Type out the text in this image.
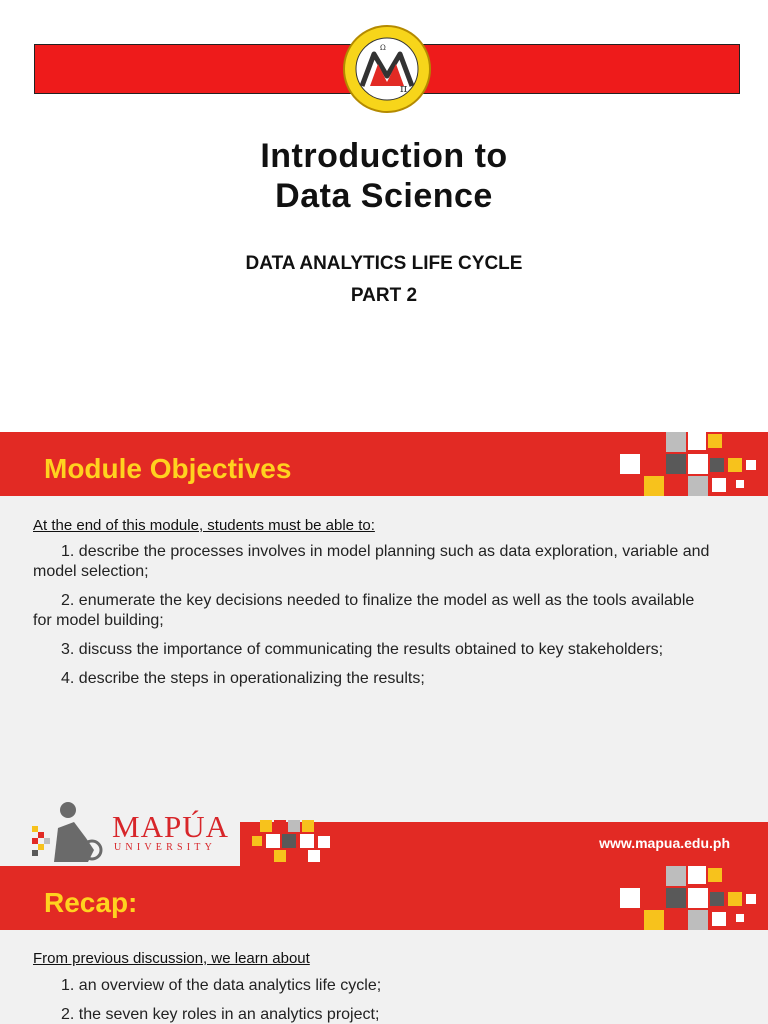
π
Ω
Introduction to
Data Science
DATA ANALYTICS LIFE CYCLE
PART 2
Module Objectives
At the end of this module, students must be able to:
1. describe the processes involves in model planning such as data exploration, variable and model selection;
2. enumerate the key decisions needed to finalize the model as well as the tools available for model building;
3. discuss the importance of communicating the results obtained to key stakeholders;
4. describe the steps in operationalizing the results;
MAPÚA
UNIVERSITY	www.mapua.edu.ph
Recap:
From previous discussion, we learn about
1. an overview of the data analytics life cycle;
2. the seven key roles in an analytics project;
